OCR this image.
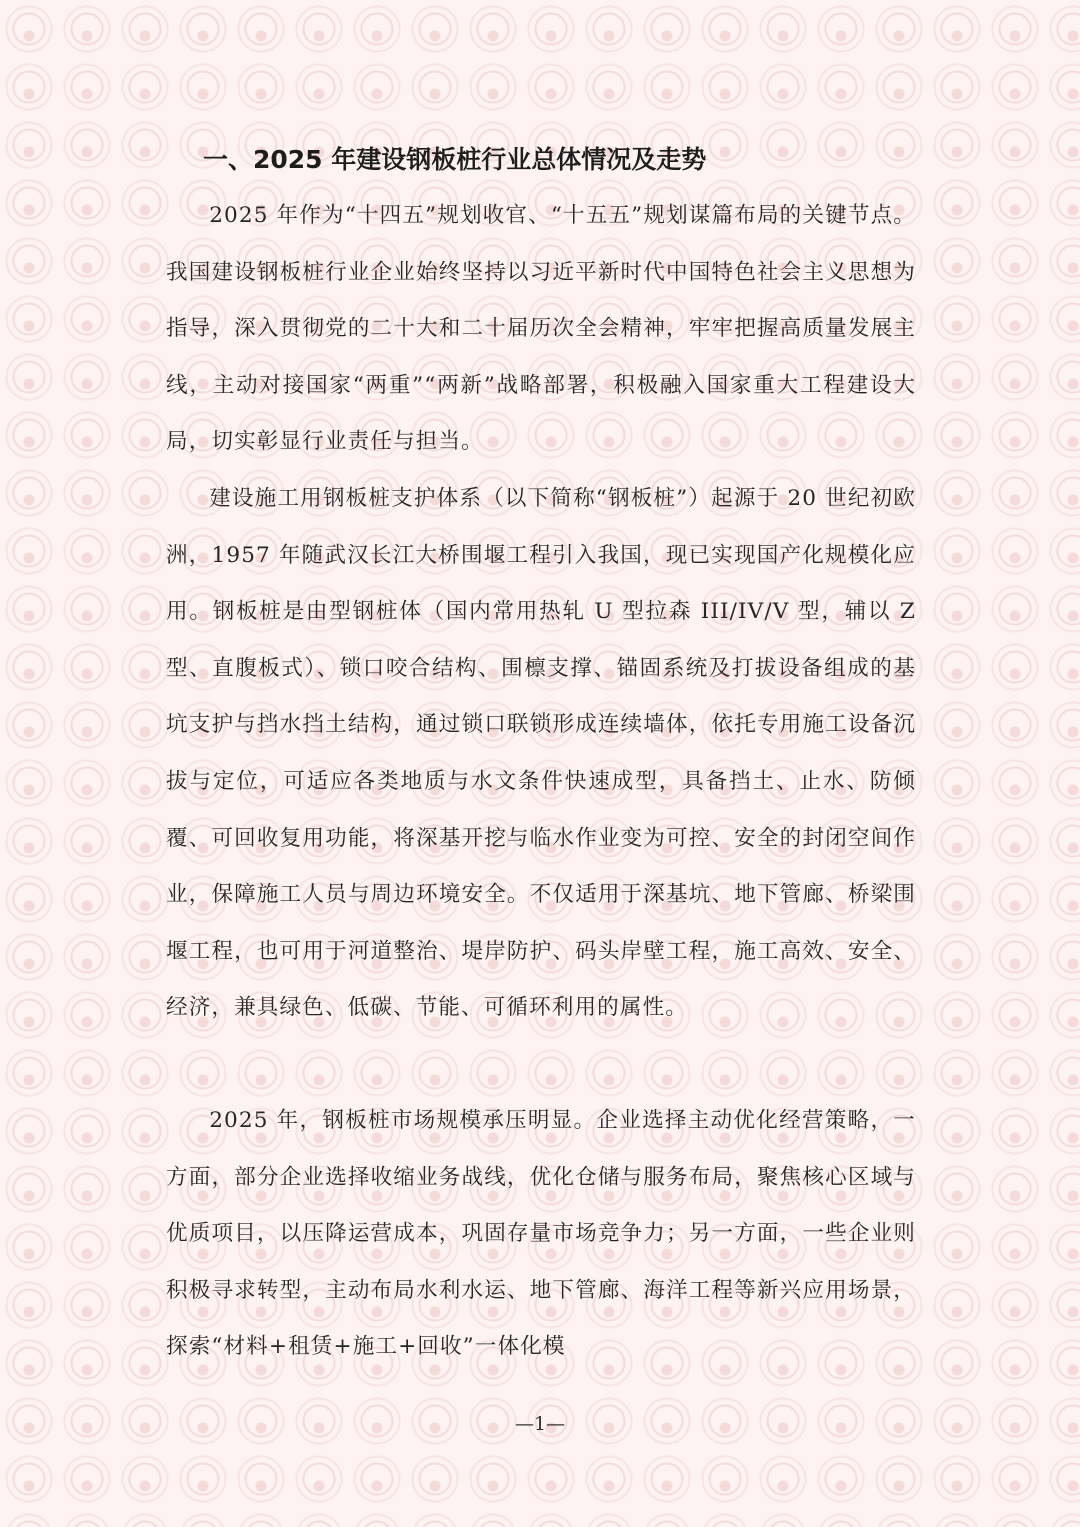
一、2025 年建设钢板桩行业总体情况及走势

2025 年作为“十四五”规划收官、“十五五”规划谋篇布局的关键节点。我国建设钢板桩行业企业始终坚持以习近平新时代中国特色社会主义思想为指导，深入贯彻党的二十大和二十届历次全会精神，牢牢把握高质量发展主线，主动对接国家“两重”“两新”战略部署，积极融入国家重大工程建设大局，切实彰显行业责任与担当。

建设施工用钢板桩支护体系（以下简称“钢板桩”）起源于 20 世纪初欧洲，1957 年随武汉长江大桥围堰工程引入我国，现已实现国产化规模化应用。钢板桩是由型钢桩体（国内常用热轧 U 型拉森 III/IV/V 型，辅以 Z 型、直腹板式）、锁口咬合结构、围檩支撑、锚固系统及打拔设备组成的基坑支护与挡水挡土结构，通过锁口联锁形成连续墙体，依托专用施工设备沉拔与定位，可适应各类地质与水文条件快速成型，具备挡土、止水、防倾覆、可回收复用功能，将深基开挖与临水作业变为可控、安全的封闭空间作业，保障施工人员与周边环境安全。不仅适用于深基坑、地下管廊、桥梁围堰工程，也可用于河道整治、堤岸防护、码头岸壁工程，施工高效、安全、经济，兼具绿色、低碳、节能、可循环利用的属性。

2025 年，钢板桩市场规模承压明显。企业选择主动优化经营策略，一方面，部分企业选择收缩业务战线，优化仓储与服务布局，聚焦核心区域与优质项目，以压降运营成本，巩固存量市场竞争力；另一方面，一些企业则积极寻求转型，主动布局水利水运、地下管廊、海洋工程等新兴应用场景，探索“材料+租赁+施工+回收”一体化模

—1—
